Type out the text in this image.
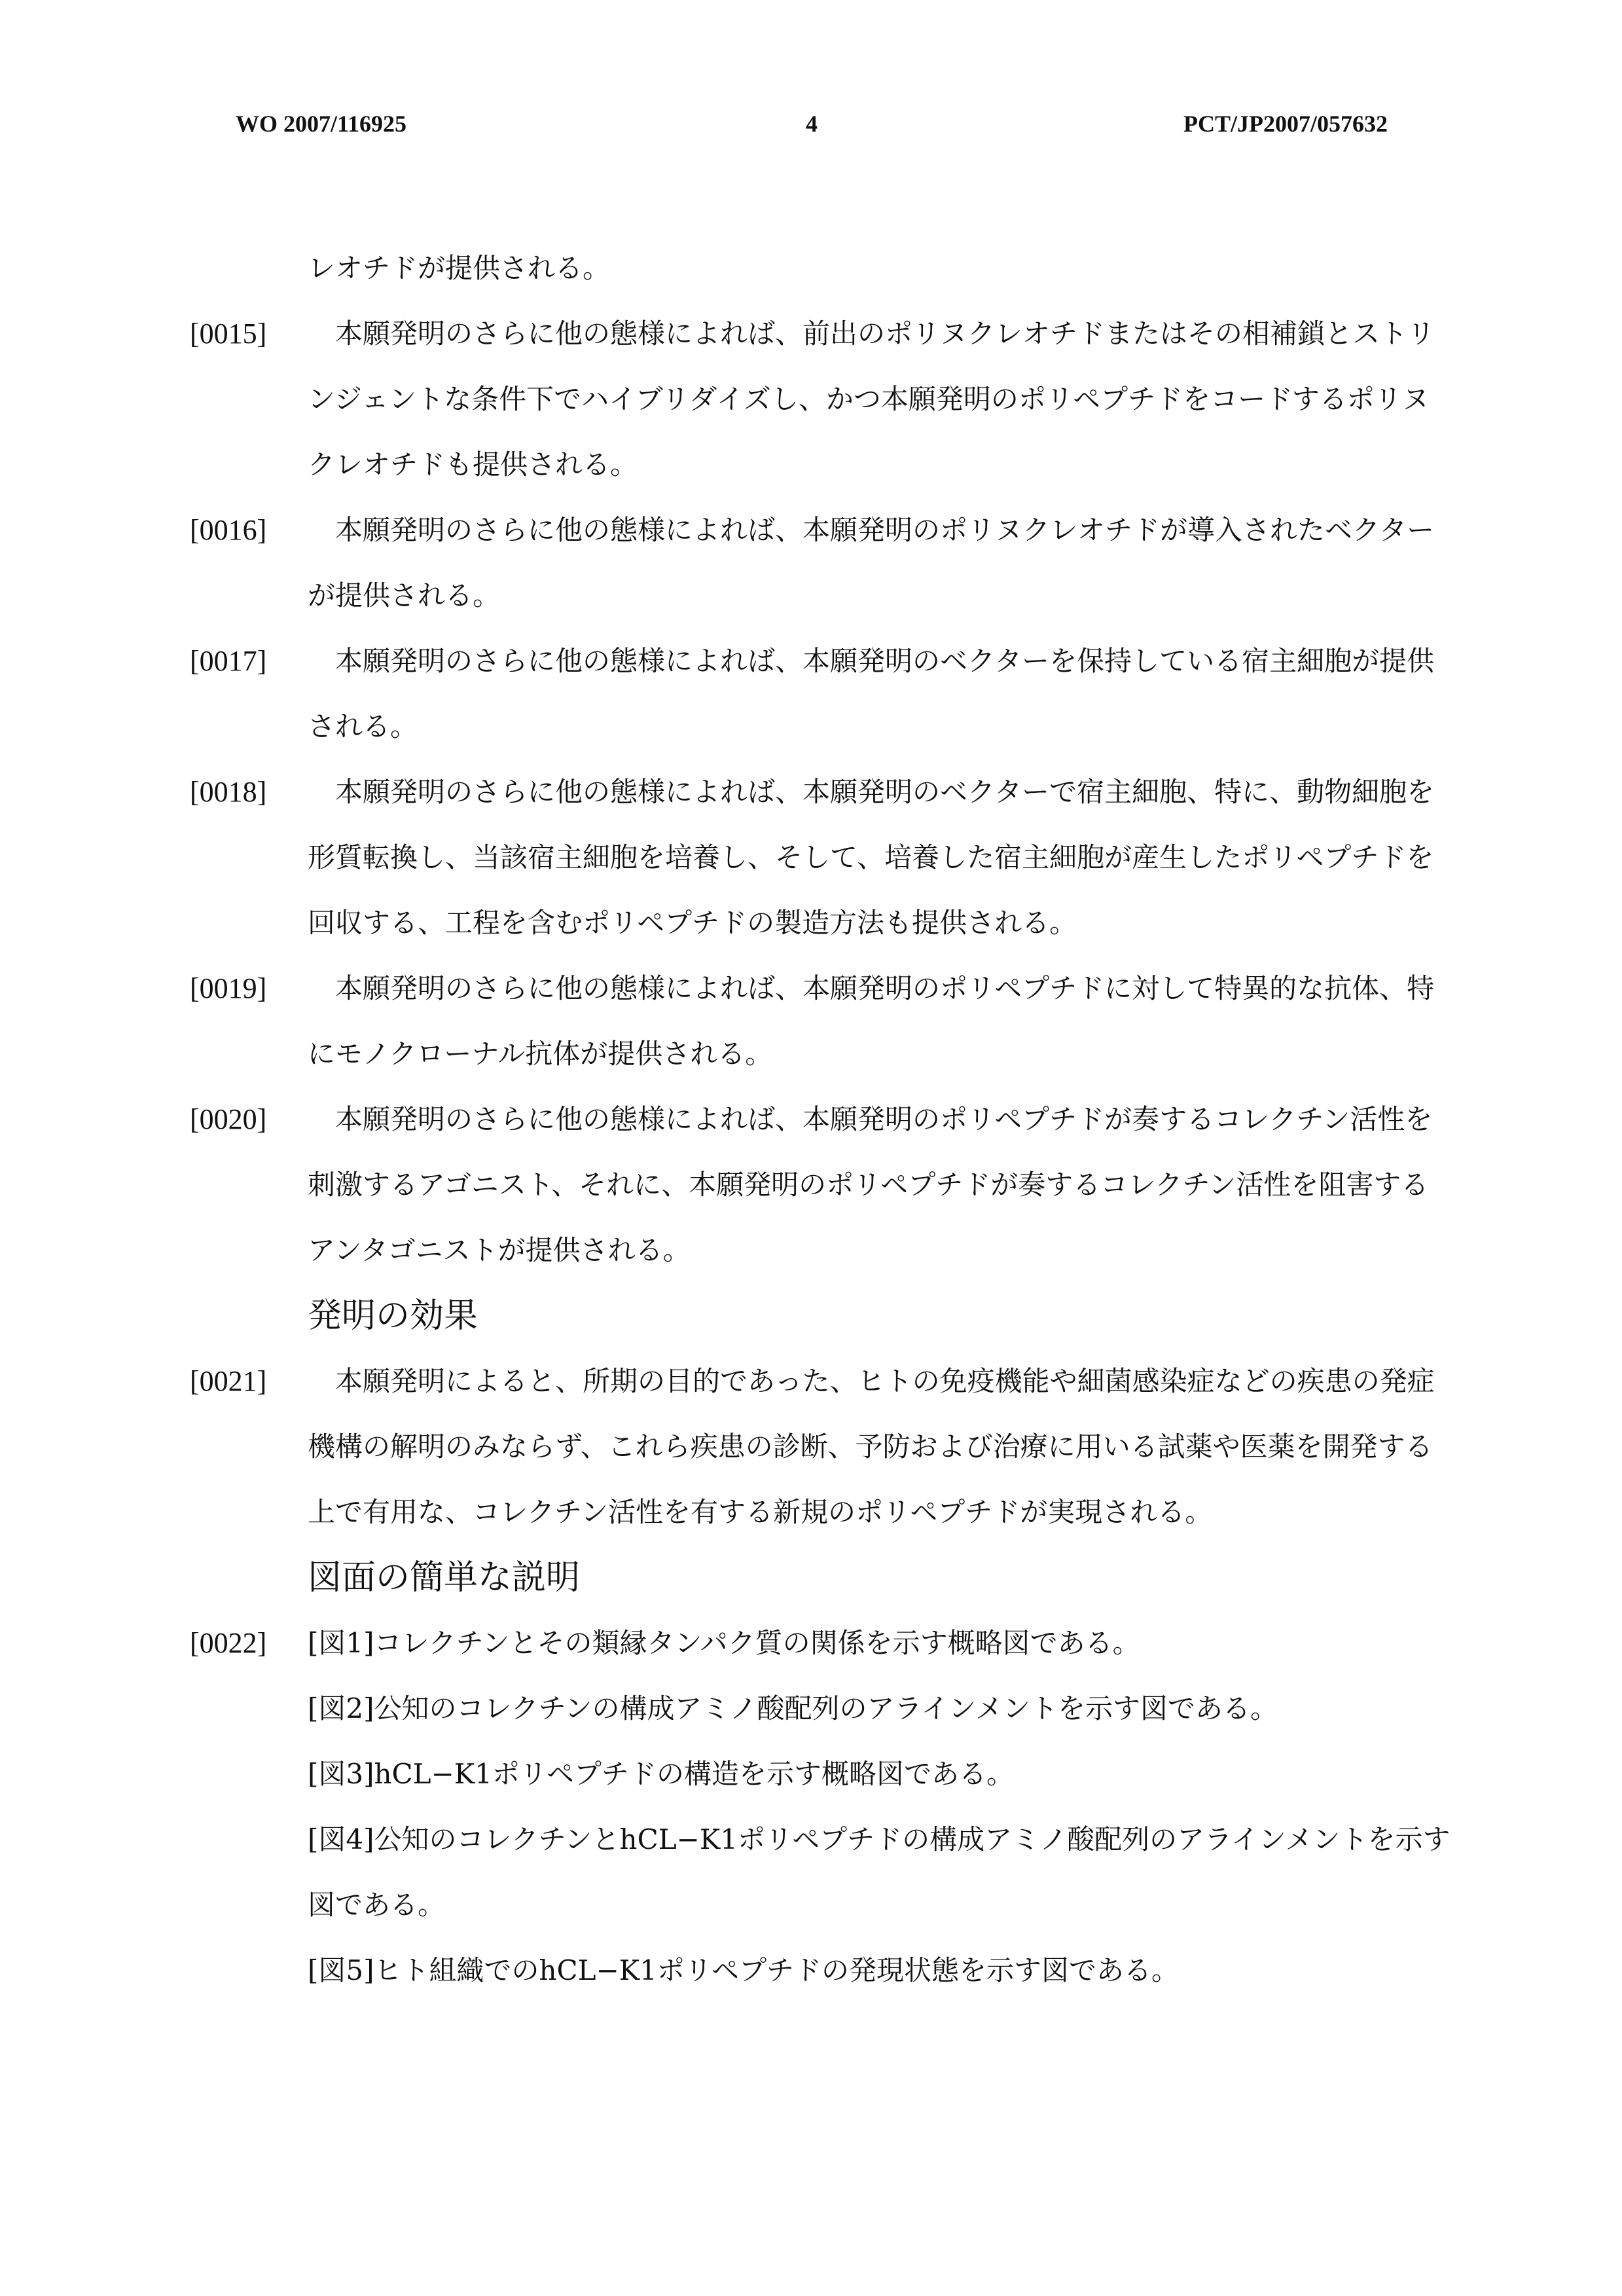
WO 2007/116925	4	PCT/JP2007/057632
レオチドが提供される。
[0015]	本願発明のさらに他の態様によれば、前出のポリヌクレオチドまたはその相補鎖とストリンジェントな条件下でハイブリダイズし、かつ本願発明のポリペプチドをコードするポリヌクレオチドも提供される。
[0016]	本願発明のさらに他の態様によれば、本願発明のポリヌクレオチドが導入されたベクターが提供される。
[0017]	本願発明のさらに他の態様によれば、本願発明のベクターを保持している宿主細胞が提供される。
[0018]	本願発明のさらに他の態様によれば、本願発明のベクターで宿主細胞、特に、動物細胞を形質転換し、当該宿主細胞を培養し、そして、培養した宿主細胞が産生したポリペプチドを回収する、工程を含むポリペプチドの製造方法も提供される。
[0019]	本願発明のさらに他の態様によれば、本願発明のポリペプチドに対して特異的な抗体、特にモノクローナル抗体が提供される。
[0020]	本願発明のさらに他の態様によれば、本願発明のポリペプチドが奏するコレクチン活性を刺激するアゴニスト、それに、本願発明のポリペプチドが奏するコレクチン活性を阻害するアンタゴニストが提供される。
発明の効果
[0021]	本願発明によると、所期の目的であった、ヒトの免疫機能や細菌感染症などの疾患の発症機構の解明のみならず、これら疾患の診断、予防および治療に用いる試薬や医薬を開発する上で有用な、コレクチン活性を有する新規のポリペプチドが実現される。
図面の簡単な説明
[0022] [図1]コレクチンとその類縁タンパク質の関係を示す概略図である。
[図2]公知のコレクチンの構成アミノ酸配列のアラインメントを示す図である。
[図3]hCL−K1ポリペプチドの構造を示す概略図である。
[図4]公知のコレクチンとhCL−K1ポリペプチドの構成アミノ酸配列のアラインメントを示す図である。
[図5]ヒト組織でのhCL−K1ポリペプチドの発現状態を示す図である。
